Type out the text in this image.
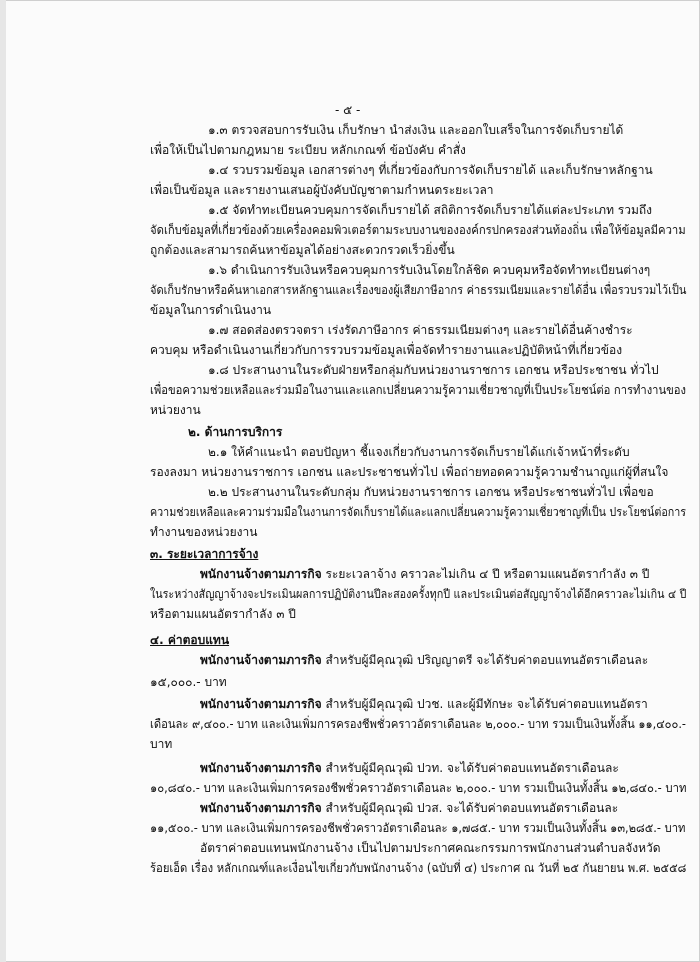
- ๕ -
๑.๓ ตรวจสอบการรับเงิน เก็บรักษา นำส่งเงิน และออกใบเสร็จในการจัดเก็บรายได้
เพื่อให้เป็นไปตามกฎหมาย ระเบียบ หลักเกณฑ์ ข้อบังคับ คำสั่ง
๑.๔ รวบรวมข้อมูล เอกสารต่างๆ ที่เกี่ยวข้องกับการจัดเก็บรายได้ และเก็บรักษาหลักฐาน
เพื่อเป็นข้อมูล และรายงานเสนอผู้บังคับบัญชาตามกำหนดระยะเวลา
๑.๕ จัดทำทะเบียนควบคุมการจัดเก็บรายได้ สถิติการจัดเก็บรายได้แต่ละประเภท รวมถึง
จัดเก็บข้อมูลที่เกี่ยวข้องด้วยเครื่องคอมพิวเตอร์ตามระบบงานขององค์กรปกครองส่วนท้องถิ่น เพื่อให้ข้อมูลมีความ
ถูกต้องและสามารถค้นหาข้อมูลได้อย่างสะดวกรวดเร็วยิ่งขึ้น
๑.๖ ดำเนินการรับเงินหรือควบคุมการรับเงินโดยใกล้ชิด ควบคุมหรือจัดทำทะเบียนต่างๆ
จัดเก็บรักษาหรือค้นหาเอกสารหลักฐานและเรื่องของผู้เสียภาษีอากร ค่าธรรมเนียมและรายได้อื่น เพื่อรวบรวมไว้เป็น
ข้อมูลในการดำเนินงาน
๑.๗ สอดส่องตรวจตรา เร่งรัดภาษีอากร ค่าธรรมเนียมต่างๆ และรายได้อื่นค้างชำระ
ควบคุม หรือดำเนินงานเกี่ยวกับการรวบรวมข้อมูลเพื่อจัดทำรายงานและปฏิบัติหน้าที่เกี่ยวข้อง
๑.๘ ประสานงานในระดับฝ่ายหรือกลุ่มกับหน่วยงานราชการ เอกชน หรือประชาชน ทั่วไป
เพื่อขอความช่วยเหลือและร่วมมือในงานและแลกเปลี่ยนความรู้ความเชี่ยวชาญที่เป็นประโยชน์ต่อ การทำงานของ
หน่วยงาน
๒. ด้านการบริการ
๒.๑ ให้คำแนะนำ ตอบปัญหา ชี้แจงเกี่ยวกับงานการจัดเก็บรายได้แก่เจ้าหน้าที่ระดับ
รองลงมา หน่วยงานราชการ เอกชน และประชาชนทั่วไป เพื่อถ่ายทอดความรู้ความชำนาญแก่ผู้ที่สนใจ
๒.๒ ประสานงานในระดับกลุ่ม กับหน่วยงานราชการ เอกชน หรือประชาชนทั่วไป เพื่อขอ
ความช่วยเหลือและความร่วมมือในงานการจัดเก็บรายได้และแลกเปลี่ยนความรู้ความเชี่ยวชาญที่เป็น ประโยชน์ต่อการ
ทำงานของหน่วยงาน
๓. ระยะเวลาการจ้าง
พนักงานจ้างตามภารกิจ ระยะเวลาจ้าง คราวละไม่เกิน ๔ ปี หรือตามแผนอัตรากำลัง ๓ ปี
ในระหว่างสัญญาจ้างจะประเมินผลการปฏิบัติงานปีละสองครั้งทุกปี และประเมินต่อสัญญาจ้างได้อีกคราวละไม่เกิน ๔ ปี
หรือตามแผนอัตรากำลัง ๓ ปี
๔. ค่าตอบแทน
พนักงานจ้างตามภารกิจ สำหรับผู้มีคุณวุฒิ ปริญญาตรี จะได้รับค่าตอบแทนอัตราเดือนละ
๑๕,๐๐๐.- บาท
พนักงานจ้างตามภารกิจ สำหรับผู้มีคุณวุฒิ ปวช. และผู้มีทักษะ จะได้รับค่าตอบแทนอัตรา
เดือนละ ๙,๔๐๐.- บาท และเงินเพิ่มการครองชีพชั่วคราวอัตราเดือนละ ๒,๐๐๐.- บาท รวมเป็นเงินทั้งสิ้น ๑๑,๔๐๐.-
บาท
พนักงานจ้างตามภารกิจ สำหรับผู้มีคุณวุฒิ ปวท. จะได้รับค่าตอบแทนอัตราเดือนละ
๑๐,๘๔๐.- บาท และเงินเพิ่มการครองชีพชั่วคราวอัตราเดือนละ ๒,๐๐๐.- บาท รวมเป็นเงินทั้งสิ้น ๑๒,๘๔๐.- บาท
พนักงานจ้างตามภารกิจ สำหรับผู้มีคุณวุฒิ ปวส. จะได้รับค่าตอบแทนอัตราเดือนละ
๑๑,๕๐๐.- บาท และเงินเพิ่มการครองชีพชั่วคราวอัตราเดือนละ ๑,๗๘๕.- บาท รวมเป็นเงินทั้งสิ้น ๑๓,๒๘๕.- บาท
อัตราค่าตอบแทนพนักงานจ้าง เป็นไปตามประกาศคณะกรรมการพนักงานส่วนตำบลจังหวัด
ร้อยเอ็ด เรื่อง หลักเกณฑ์และเงื่อนไขเกี่ยวกับพนักงานจ้าง (ฉบับที่ ๔) ประกาศ ณ วันที่ ๒๕ กันยายน พ.ศ. ๒๕๕๘
